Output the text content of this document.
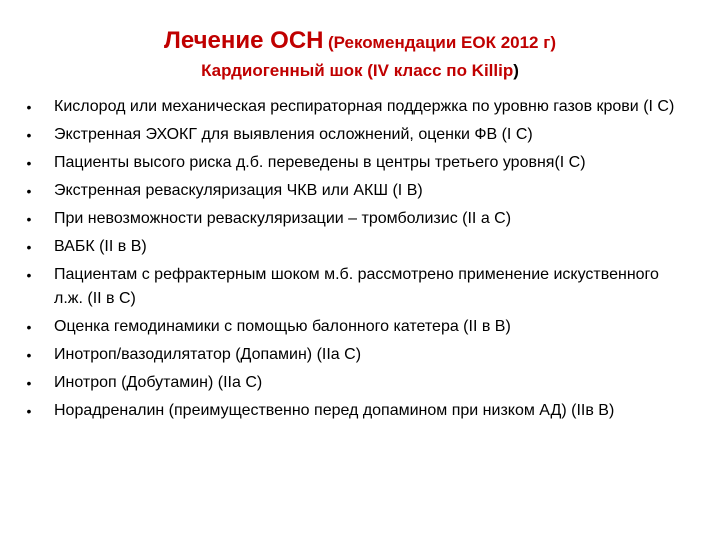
Лечение ОСН (Рекомендации ЕОК 2012 г)
Кардиогенный шок (IV класс по Killip)
• Кислород или механическая респираторная поддержка по уровню газов крови (I C)
• Экстренная ЭХОКГ для выявления осложнений, оценки ФВ (I C)
• Пациенты высого риска д.б. переведены в центры третьего уровня(I C)
• Экстренная реваскуляризация ЧКВ или АКШ (I B)
• При невозможности реваскуляризации – тромболизис (II a C)
• ВАБК (II в B)
• Пациентам с рефрактерным шоком м.б. рассмотрено применение искуственного л.ж. (II в C)
• Оценка гемодинамики с помощью балонного катетера (II в B)
• Инотроп/вазодилятатор (Допамин) (IIa C)
• Инотроп (Добутамин) (IIa C)
• Норадреналин (преимущественно перед допамином при низком АД) (IIв B)
